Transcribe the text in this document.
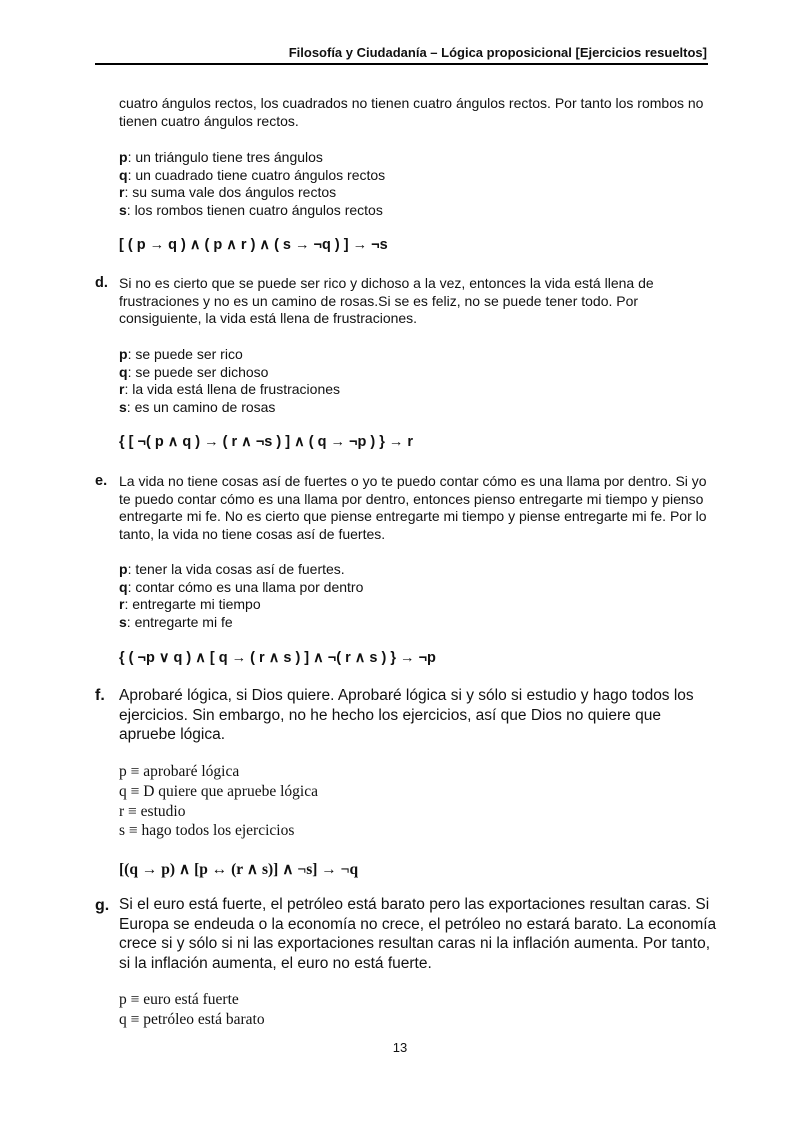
Filosofía y Ciudadanía – Lógica proposicional [Ejercicios resueltos]

cuatro ángulos rectos, los cuadrados no tienen cuatro ángulos rectos. Por tanto los rombos no tienen cuatro ángulos rectos.

p: un triángulo tiene tres ángulos
q: un cuadrado tiene cuatro ángulos rectos
r: su suma vale dos ángulos rectos
s: los rombos tienen cuatro ángulos rectos
[ ( p → q ) ∧ ( p ∧ r ) ∧ ( s → ¬q ) ] → ¬s
d. Si no es cierto que se puede ser rico y dichoso a la vez, entonces la vida está llena de frustraciones y no es un camino de rosas.Si se es feliz, no se puede tener todo. Por consiguiente, la vida está llena de frustraciones.

p: se puede ser rico
q: se puede ser dichoso
r: la vida está llena de frustraciones
s: es un camino de rosas
{ [ ¬( p ∧ q ) → ( r ∧ ¬s ) ] ∧ ( q → ¬p ) } → r
e. La vida no tiene cosas así de fuertes o yo te puedo contar cómo es una llama por dentro. Si yo te puedo contar cómo es una llama por dentro, entonces pienso entregarte mi tiempo y pienso entregarte mi fe. No es cierto que piense entregarte mi tiempo y piense entregarte mi fe. Por lo tanto, la vida no tiene cosas así de fuertes.

p: tener la vida cosas así de fuertes.
q: contar cómo es una llama por dentro
r: entregarte mi tiempo
s: entregarte mi fe
{ ( ¬p ∨ q ) ∧ [ q → ( r ∧ s ) ] ∧ ¬( r ∧ s ) } → ¬p
f. Aprobaré lógica, si Dios quiere. Aprobaré lógica si y sólo si estudio y hago todos los ejercicios. Sin embargo, no he hecho los ejercicios, así que Dios no quiere que apruebe lógica.

p ≡ aprobaré lógica
q ≡ D quiere que apruebe lógica
r ≡ estudio
s ≡ hago todos los ejercicios
[(q → p) ∧ [p ↔ (r ∧ s)] ∧ ¬s] → ¬q
g. Si el euro está fuerte, el petróleo está barato pero las exportaciones resultan caras. Si Europa se endeuda o la economía no crece, el petróleo no estará barato. La economía crece si y sólo si ni las exportaciones resultan caras ni la inflación aumenta. Por tanto, si la inflación aumenta, el euro no está fuerte.

p ≡ euro está fuerte
q ≡ petróleo está barato
13
